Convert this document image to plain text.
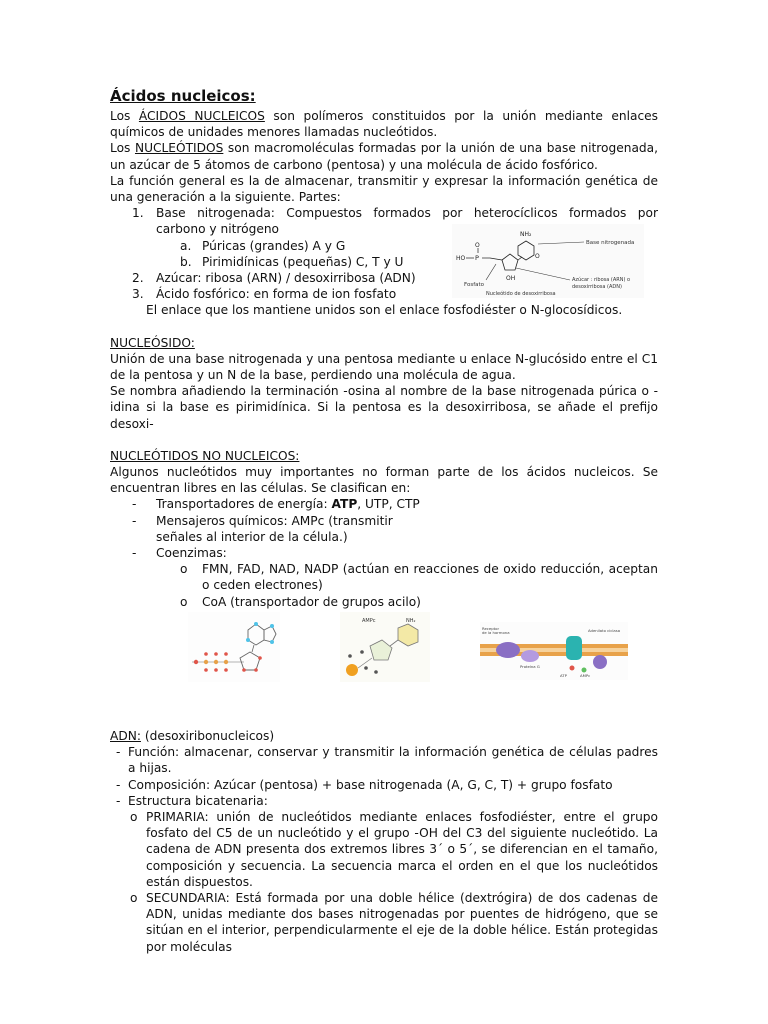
Ácidos nucleicos:

Los ÁCIDOS NUCLEICOS son polímeros constituidos por la unión mediante enlaces químicos de unidades menores llamadas nucleótidos.

Los NUCLEÓTIDOS son macromoléculas formadas por la unión de una base nitrogenada, un azúcar de 5 átomos de carbono (pentosa) y una molécula de ácido fosfórico.

La función general es la de almacenar, transmitir y expresar la información genética de una generación a la siguiente. Partes:

1.	Base nitrogenada: Compuestos formados por heterocíclicos formados por carbono y nitrógeno

a. Púricas (grandes) A y G
b. Pirimidínicas (pequeñas) C, T y U
2.	Azúcar: ribosa (ARN) / desoxirribosa (ADN)

3.	Ácido fosfórico: en forma de ion fosfato

El enlace que los mantiene unidos son el enlace fosfodiéster o N-glocosídicos.

NUCLEÓSIDO:

Unión de una base nitrogenada y una pentosa mediante u enlace N-glucósido entre el C1 de la pentosa y un N de la base, perdiendo una molécula de agua.

Se nombra añadiendo la terminación -osina al nombre de la base nitrogenada púrica o -idina si la base es pirimidínica. Si la pentosa es la desoxirribosa, se añade el prefijo desoxi-

NUCLEÓTIDOS NO NUCLEICOS:

Algunos nucleótidos muy importantes no forman parte de los ácidos nucleicos. Se encuentran libres en las células. Se clasifican en:

- Transportadores de energía: ATP, UTP, CTP
- Mensajeros químicos: AMPc (transmitir
señales al interior de la célula.)
- Coenzimas:
o FMN, FAD, NAD, NADP (actúan en reacciones de oxido reducción, aceptan o ceden electrones)

o CoA (transportador de grupos acilo)

ADN: (desoxiribonucleicos)

- Función: almacenar, conservar y transmitir la información genética de células padres a hijas.
- Composición: Azúcar (pentosa) + base nitrogenada (A, G, C, T) + grupo fosfato
- Estructura bicatenaria:
o PRIMARIA: unión de nucleótidos mediante enlaces fosfodiéster, entre el grupo fosfato del C5 de un nucleótido y el grupo -OH del C3 del siguiente nucleótido. La cadena de ADN presenta dos extremos libres 3´ o 5´, se diferencian en el tamaño, composición y secuencia. La secuencia marca el orden en el que los nucleótidos están dispuestos.
o SECUNDARIA: Está formada por una doble hélice (dextrógira) de dos cadenas de ADN, unidas mediante dos bases nitrogenadas por puentes de hidrógeno, que se sitúan en el interior, perpendicularmente el eje de la doble hélice. Están protegidas por moléculas
HO P
O
OH
NH₂
O
Base nitrogenada
Fosfato
Azúcar : ribosa (ARN) o
desoxirribosa (ADN)
Nucleótido de desoxirribosa
AMPc	NH₂
Receptor
de la hormona
Proteína G
Adenilato ciclasa
ATP	AMPc
